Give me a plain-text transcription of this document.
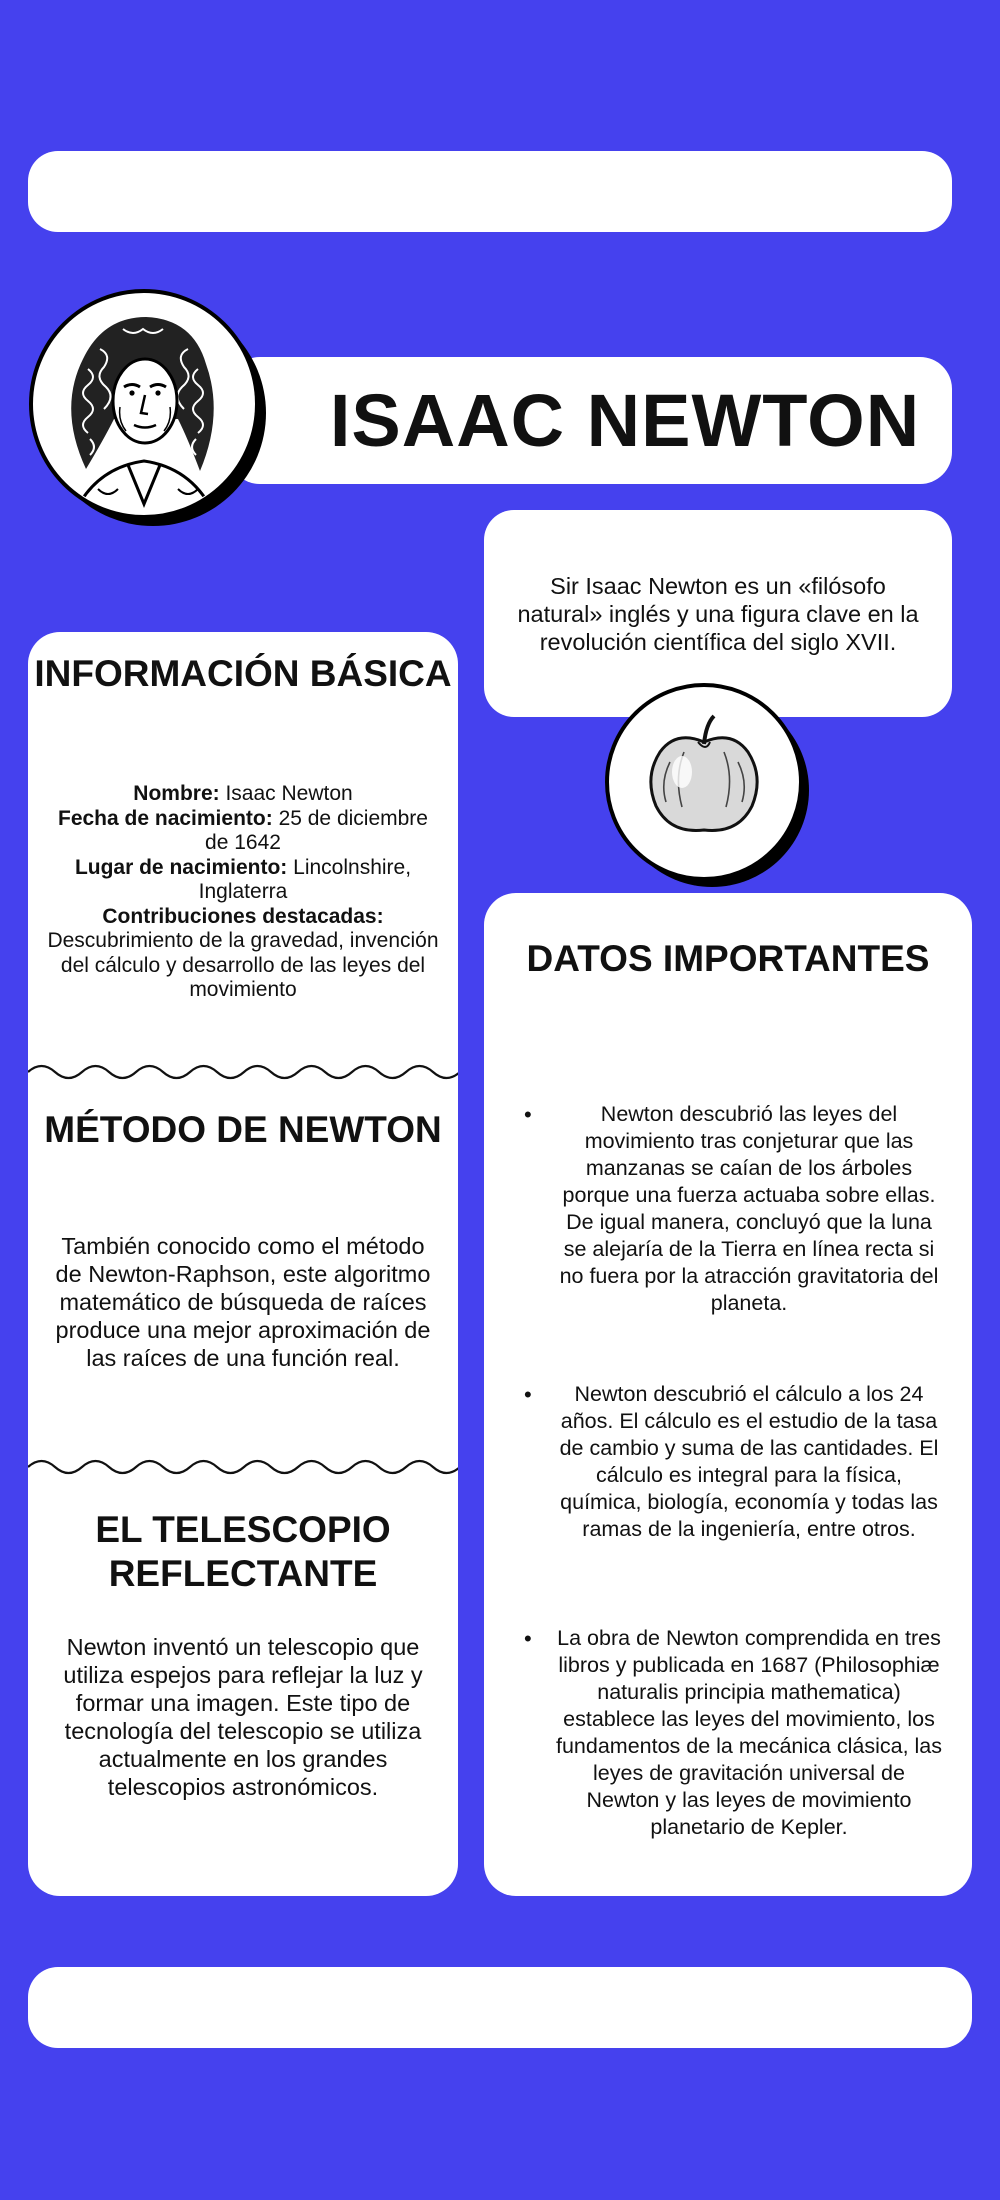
ISAAC NEWTON

Sir Isaac Newton es un «filósofo natural» inglés y una figura clave en la revolución científica del siglo XVII.

INFORMACIÓN BÁSICA

Nombre: Isaac Newton

Fecha de nacimiento: 25 de diciembre de 1642

Lugar de nacimiento: Lincolnshire, Inglaterra

Contribuciones destacadas: Descubrimiento de la gravedad, invención del cálculo y desarrollo de las leyes del movimiento

MÉTODO DE NEWTON

También conocido como el método de Newton-Raphson, este algoritmo matemático de búsqueda de raíces produce una mejor aproximación de las raíces de una función real.

EL TELESCOPIO REFLECTANTE

Newton inventó un telescopio que utiliza espejos para reflejar la luz y formar una imagen. Este tipo de tecnología del telescopio se utiliza actualmente en los grandes telescopios astronómicos.

DATOS IMPORTANTES
•	Newton descubrió las leyes del movimiento tras conjeturar que las manzanas se caían de los árboles porque una fuerza actuaba sobre ellas. De igual manera, concluyó que la luna se alejaría de la Tierra en línea recta si no fuera por la atracción gravitatoria del planeta.
•	Newton descubrió el cálculo a los 24 años. El cálculo es el estudio de la tasa de cambio y suma de las cantidades. El cálculo es integral para la física, química, biología, economía y todas las ramas de la ingeniería, entre otros.
•	La obra de Newton comprendida en tres libros y publicada en 1687 (Philosophiæ naturalis principia mathematica) establece las leyes del movimiento, los fundamentos de la mecánica clásica, las leyes de gravitación universal de Newton y las leyes de movimiento planetario de Kepler.
